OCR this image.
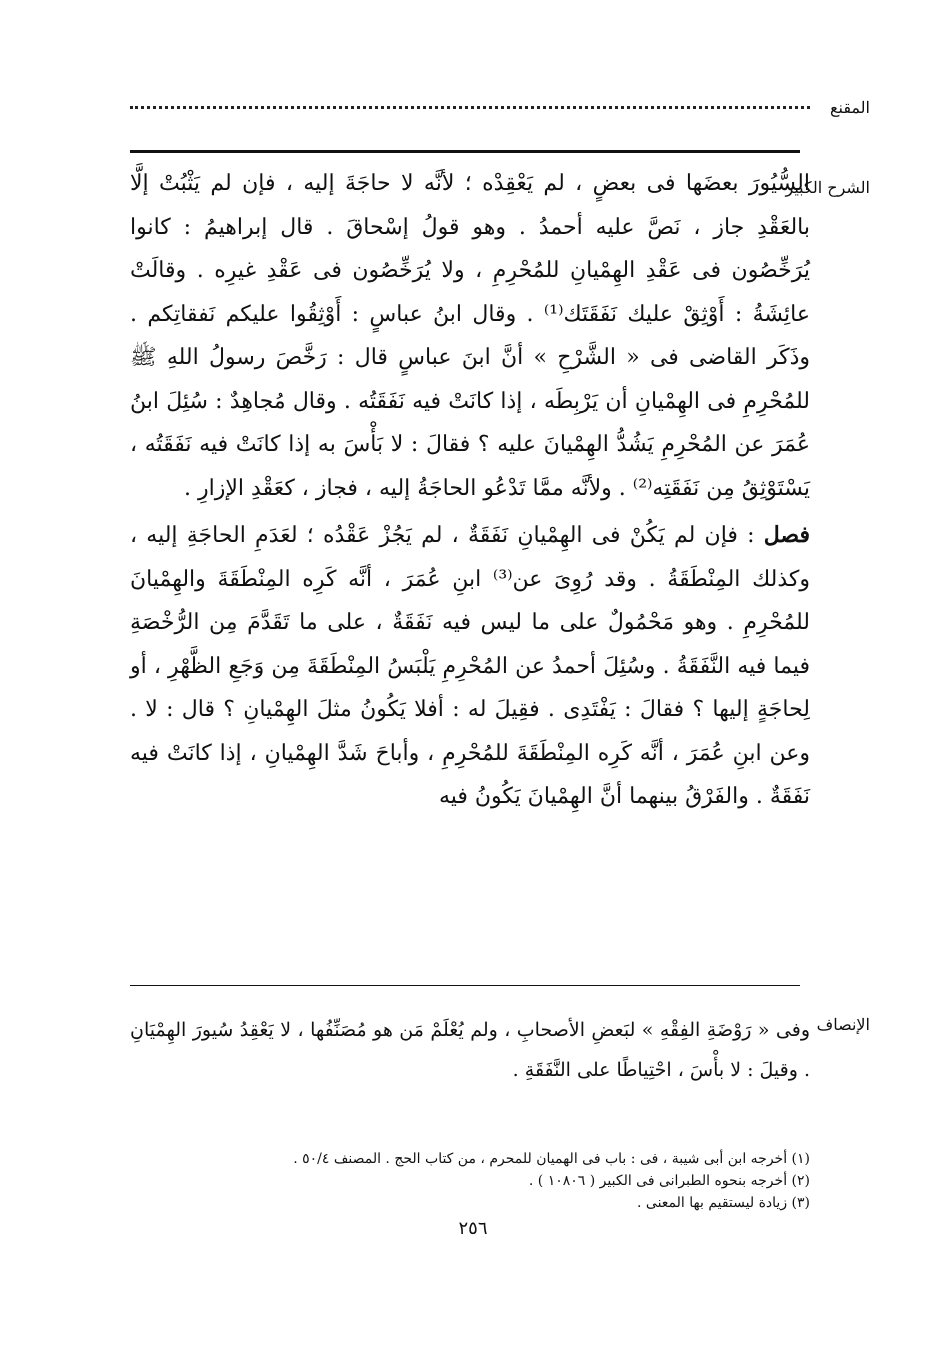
المقنع
الشرح الكبير

السُّيُورَ بعضَها فى بعضٍ ، لم يَعْقِدْه ؛ لأنَّه لا حاجَةَ إليه ، فإن لم يَثْبُتْ إلَّا بالعَقْدِ جاز ، نَصَّ عليه أحمدُ . وهو قولُ إسْحاقَ . قال إبراهيمُ : كانوا يُرَخِّصُون فى عَقْدِ الهِمْيانِ للمُحْرِمِ ، ولا يُرَخِّصُون فى عَقْدِ غيرِه . وقالَتْ عائِشَةُ : أَوْثِقْ عليك نَفَقَتَك⁽¹⁾ . وقال ابنُ عباسٍ : أَوْثِقُوا عليكم نَفقاتِكم . وذَكَر القاضى فى « الشَّرْحِ » أنَّ ابنَ عباسٍ قال : رَخَّصَ رسولُ اللهِ ﷺ للمُحْرِمِ فى الهِمْيانِ أن يَرْبِطَه ، إذا كانَتْ فيه نَفَقَتُه . وقال مُجاهِدٌ : سُئِلَ ابنُ عُمَرَ عن المُحْرِمِ يَشُدُّ الهِمْيانَ عليه ؟ فقالَ : لا بَأْسَ به إذا كانَتْ فيه نَفَقَتُه ، يَسْتَوْثِقُ مِن نَفَقَتِه⁽²⁾ . ولأنَّه ممَّا تَدْعُو الحاجَةُ إليه ، فجاز ، كعَقْدِ الإزارِ .

فصل : فإن لم يَكُنْ فى الهِمْيانِ نَفَقَةٌ ، لم يَجُزْ عَقْدُه ؛ لعَدَمِ الحاجَةِ إليه ، وكذلك المِنْطَقَةُ . وقد رُوِىَ عن⁽³⁾ ابنِ عُمَرَ ، أنَّه كَرِه المِنْطَقَةَ والهِمْيانَ للمُحْرِمِ . وهو مَحْمُولٌ على ما ليس فيه نَفَقَةٌ ، على ما تَقَدَّمَ مِن الرُّخْصَةِ فيما فيه النَّفَقَةُ . وسُئِلَ أحمدُ عن المُحْرِمِ يَلْبَسُ المِنْطَقَةَ مِن وَجَعِ الظَّهْرِ ، أو لِحاجَةٍ إليها ؟ فقالَ : يَفْتَدِى . فقِيلَ له : أفلا يَكُونُ مثلَ الهِمْيانِ ؟ قال : لا . وعن ابنِ عُمَرَ ، أنَّه كَرِه المِنْطَقَةَ للمُحْرِمِ ، وأباحَ شَدَّ الهِمْيانِ ، إذا كانَتْ فيه نَفَقَةٌ . والفَرْقُ بينهما أنَّ الهِمْيانَ يَكُونُ فيه

الإنصاف

وفى « رَوْضَةِ الفِقْهِ » لبَعضِ الأصحابِ ، ولم يُعْلَمْ مَن هو مُصَنِّفُها ، لا يَعْقِدُ سُيورَ الهِمْيَانِ . وقيلَ : لا بأْسَ ، احْتِياطًا على النَّفَقَةِ .

(١) أخرجه ابن أبى شيبة ، فى : باب فى الهميان للمحرم ، من كتاب الحج . المصنف ٥٠/٤ .
(٢) أخرجه بنحوه الطبرانى فى الكبير ( ١٠٨٠٦ ) .
(٣) زيادة ليستقيم بها المعنى .
٢٥٦
